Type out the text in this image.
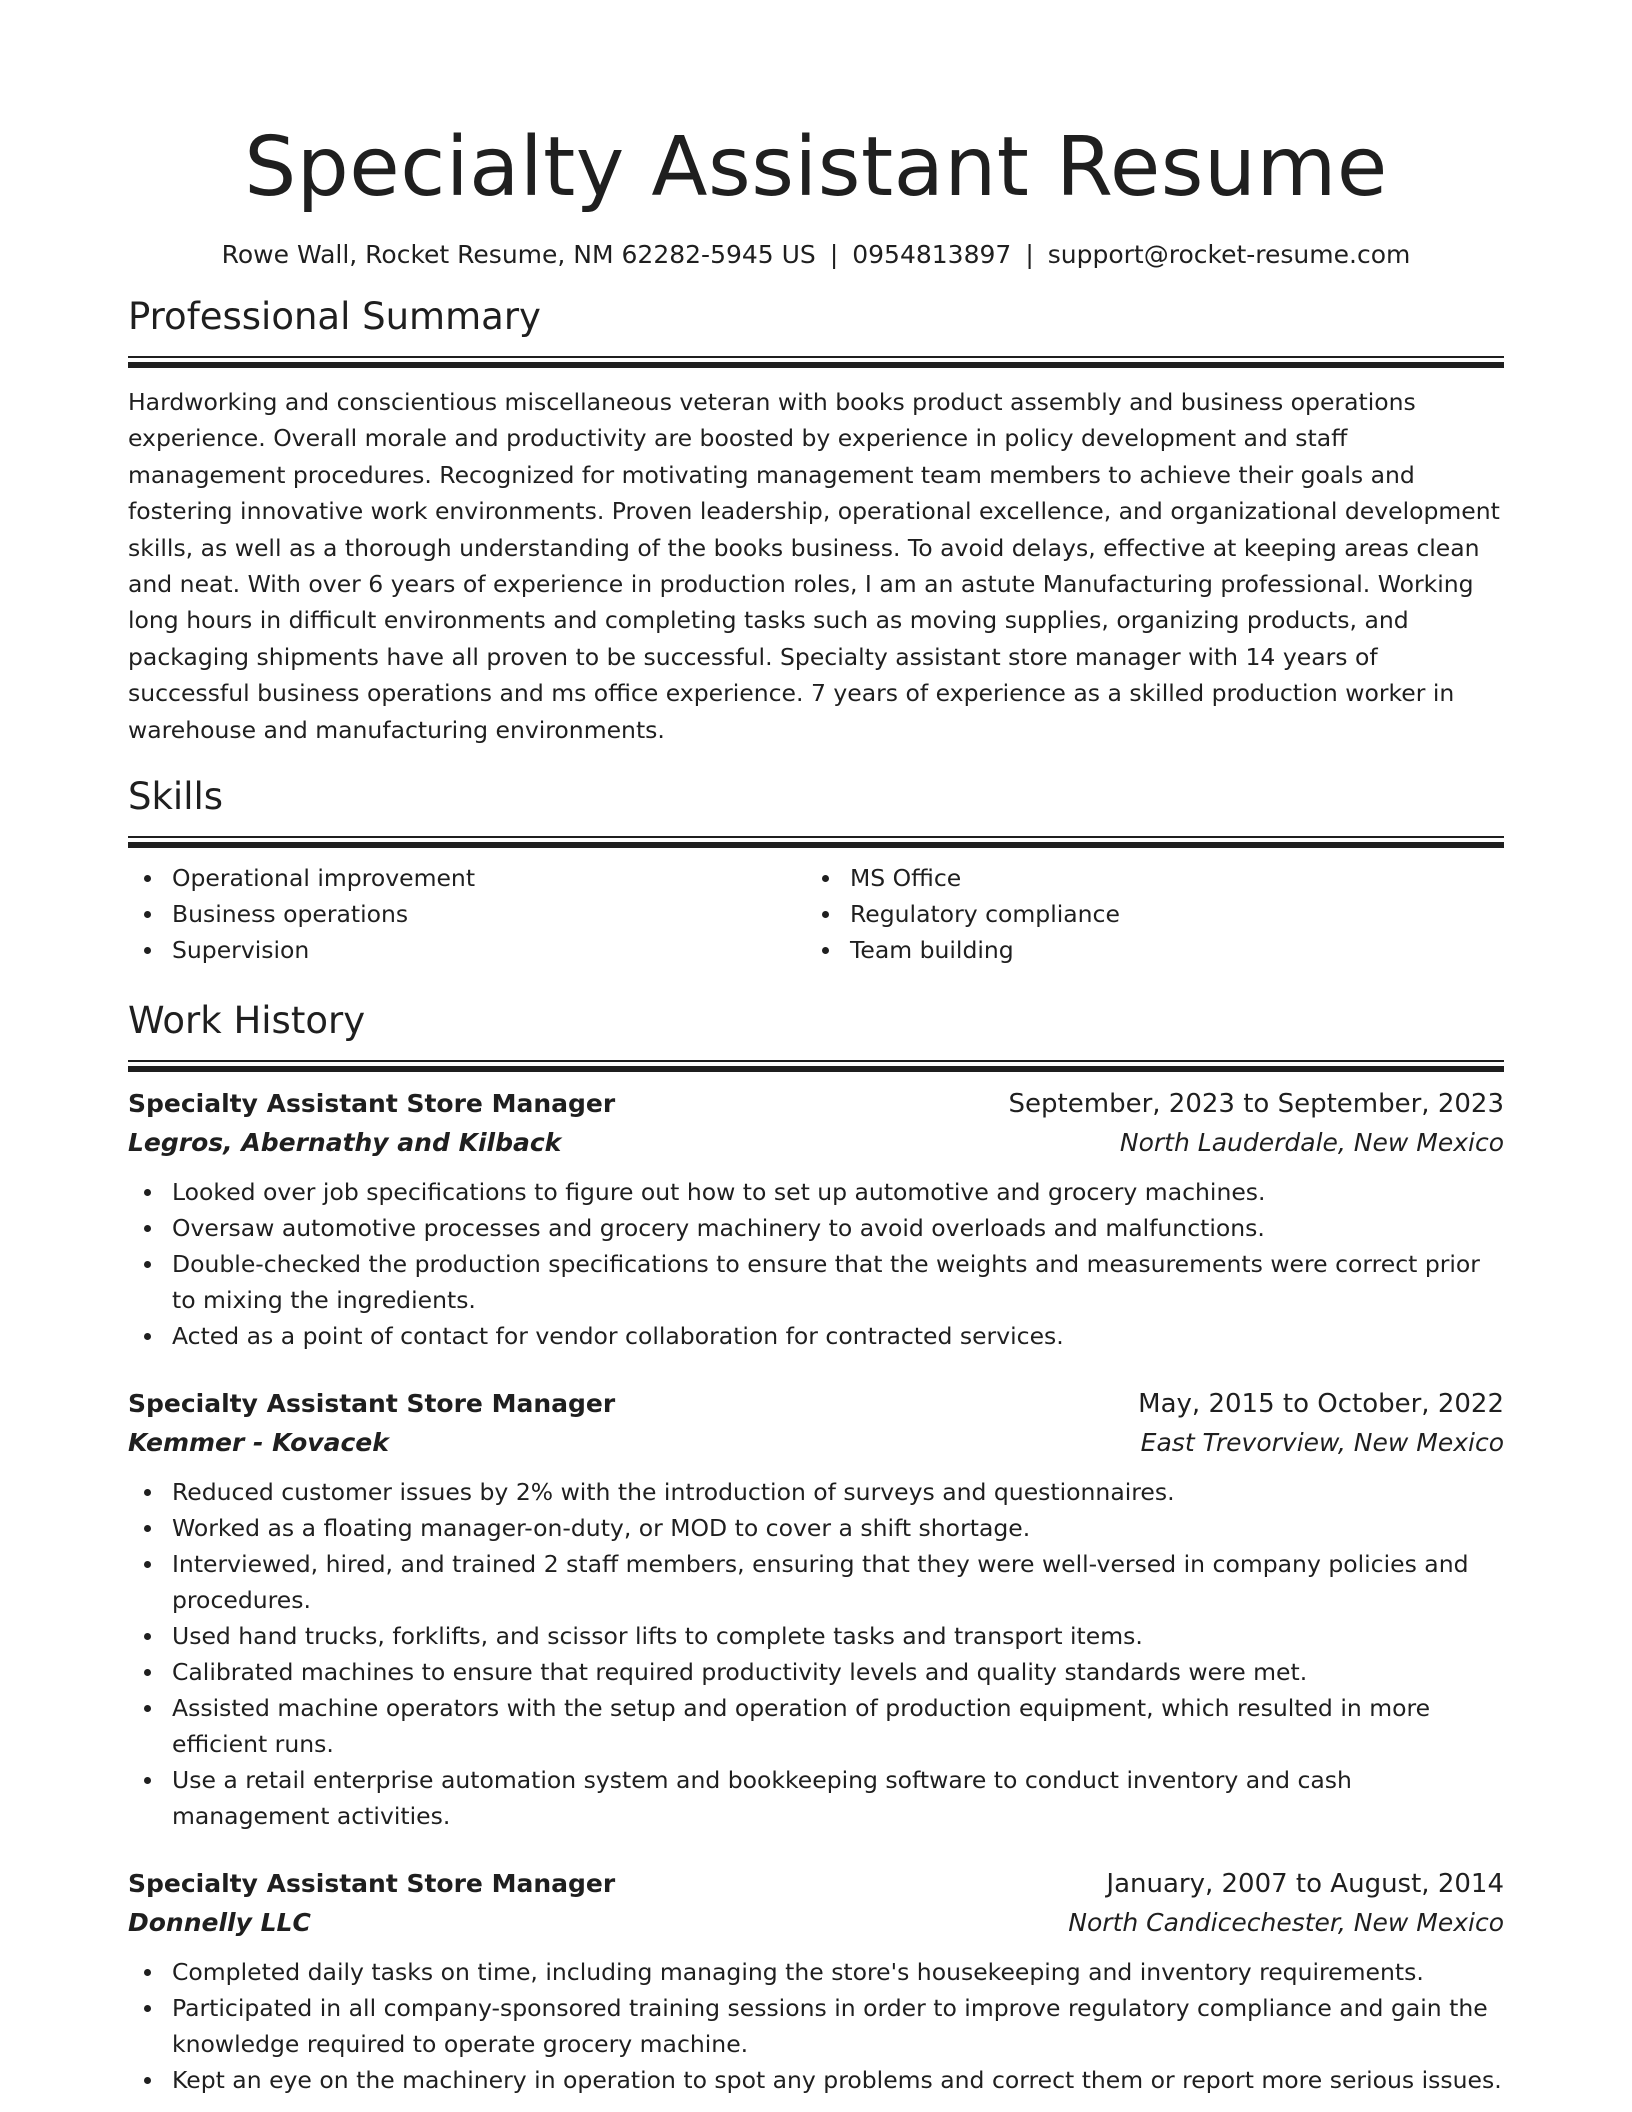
Specialty Assistant Resume
Rowe Wall, Rocket Resume, NM 62282-5945 US | 0954813897 | support@rocket-resume.com
Professional Summary

Hardworking and conscientious miscellaneous veteran with books product assembly and business operations experience. Overall morale and productivity are boosted by experience in policy development and staff management procedures. Recognized for motivating management team members to achieve their goals and fostering innovative work environments. Proven leadership, operational excellence, and organizational development skills, as well as a thorough understanding of the books business. To avoid delays, effective at keeping areas clean and neat. With over 6 years of experience in production roles, I am an astute Manufacturing professional. Working long hours in difficult environments and completing tasks such as moving supplies, organizing products, and packaging shipments have all proven to be successful. Specialty assistant store manager with 14 years of successful business operations and ms office experience. 7 years of experience as a skilled production worker in warehouse and manufacturing environments.

Skills
Operational improvement
Business operations
Supervision
MS Office
Regulatory compliance
Team building
Work History
Specialty Assistant Store Manager	September, 2023 to September, 2023
Legros, Abernathy and Kilback	North Lauderdale, New Mexico
Looked over job specifications to figure out how to set up automotive and grocery machines.
Oversaw automotive processes and grocery machinery to avoid overloads and malfunctions.
Double-checked the production specifications to ensure that the weights and measurements were correct prior to mixing the ingredients.
Acted as a point of contact for vendor collaboration for contracted services.
Specialty Assistant Store Manager	May, 2015 to October, 2022
Kemmer - Kovacek	East Trevorview, New Mexico
Reduced customer issues by 2% with the introduction of surveys and questionnaires.
Worked as a floating manager-on-duty, or MOD to cover a shift shortage.
Interviewed, hired, and trained 2 staff members, ensuring that they were well-versed in company policies and procedures.
Used hand trucks, forklifts, and scissor lifts to complete tasks and transport items.
Calibrated machines to ensure that required productivity levels and quality standards were met.
Assisted machine operators with the setup and operation of production equipment, which resulted in more efficient runs.
Use a retail enterprise automation system and bookkeeping software to conduct inventory and cash management activities.
Specialty Assistant Store Manager	January, 2007 to August, 2014
Donnelly LLC	North Candicechester, New Mexico
Completed daily tasks on time, including managing the store's housekeeping and inventory requirements.
Participated in all company-sponsored training sessions in order to improve regulatory compliance and gain the knowledge required to operate grocery machine.
Kept an eye on the machinery in operation to spot any problems and correct them or report more serious issues.
